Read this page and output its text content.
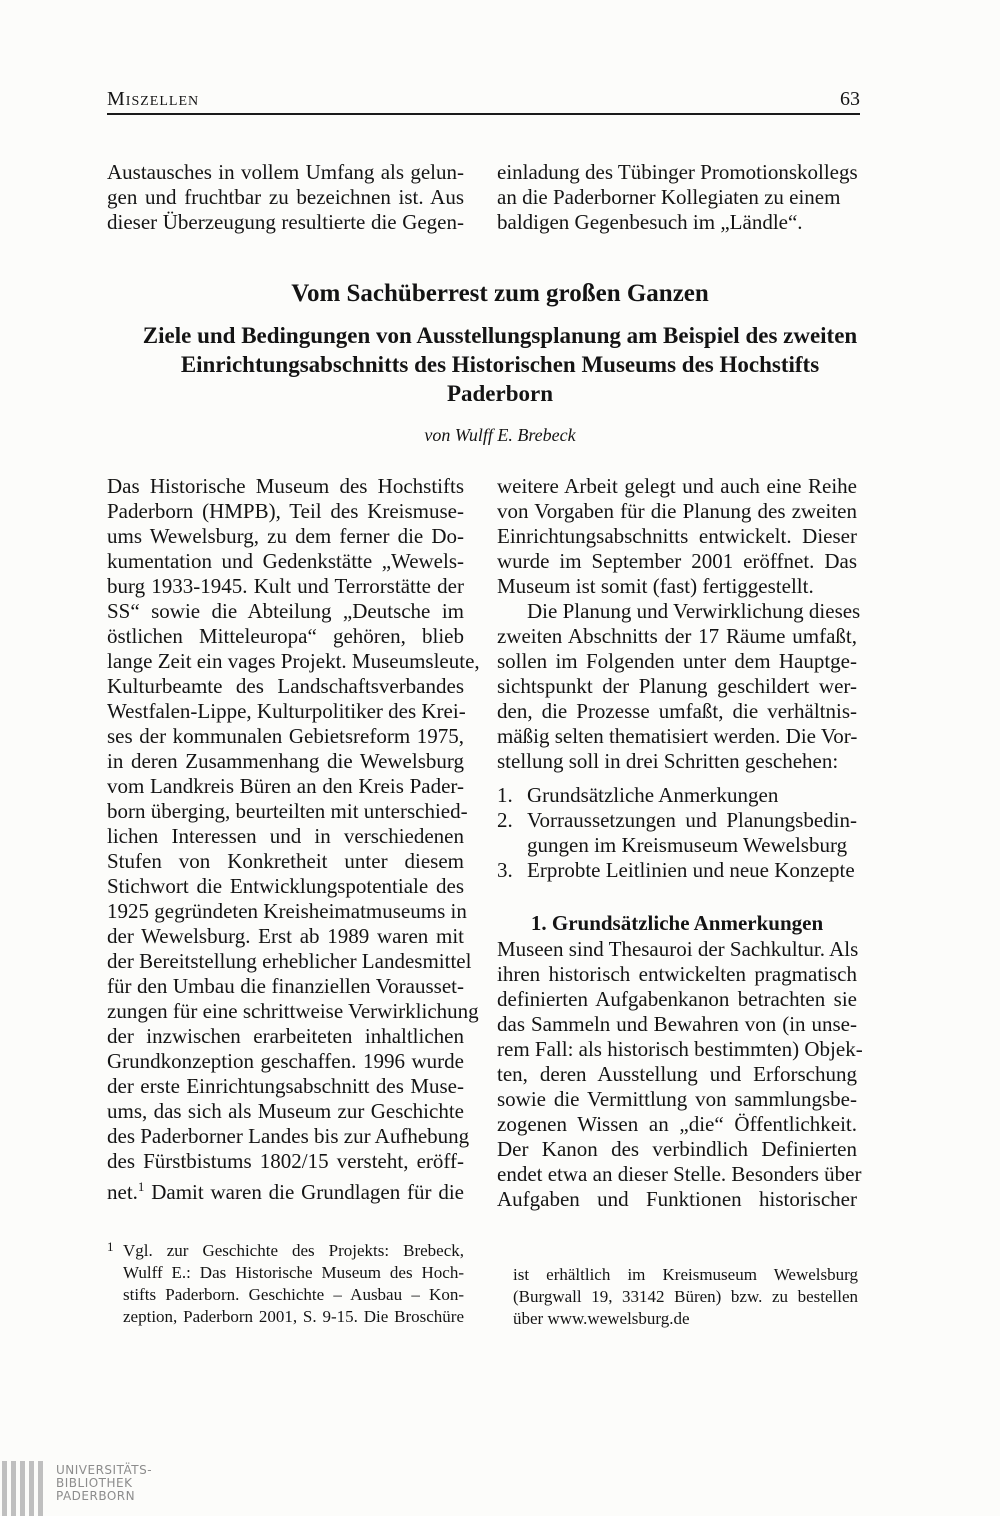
Miszellen	63
Austausches in vollem Umfang als gelun-
gen und fruchtbar zu bezeichnen ist. Aus
dieser Überzeugung resultierte die Gegen-
einladung des Tübinger Promotionskollegs
an die Paderborner Kollegiaten zu einem
baldigen Gegenbesuch im „Ländle“.
Vom Sachüberrest zum großen Ganzen
Ziele und Bedingungen von Ausstellungsplanung am Beispiel des zweiten
Einrichtungsabschnitts des Historischen Museums des Hochstifts
Paderborn
von Wulff E. Brebeck
Das Historische Museum des Hochstifts
Paderborn (HMPB), Teil des Kreismuse-
ums Wewelsburg, zu dem ferner die Do-
kumentation und Gedenkstätte „Wewels-
burg 1933-1945. Kult und Terrorstätte der
SS“ sowie die Abteilung „Deutsche im
östlichen Mitteleuropa“ gehören, blieb
lange Zeit ein vages Projekt. Museumsleute,
Kulturbeamte des Landschaftsverbandes
Westfalen-Lippe, Kulturpolitiker des Krei-
ses der kommunalen Gebietsreform 1975,
in deren Zusammenhang die Wewelsburg
vom Landkreis Büren an den Kreis Pader-
born überging, beurteilten mit unterschied-
lichen Interessen und in verschiedenen
Stufen von Konkretheit unter diesem
Stichwort die Entwicklungspotentiale des
1925 gegründeten Kreisheimatmuseums in
der Wewelsburg. Erst ab 1989 waren mit
der Bereitstellung erheblicher Landesmittel
für den Umbau die finanziellen Vorausset-
zungen für eine schrittweise Verwirklichung
der inzwischen erarbeiteten inhaltlichen
Grundkonzeption geschaffen. 1996 wurde
der erste Einrichtungsabschnitt des Muse-
ums, das sich als Museum zur Geschichte
des Paderborner Landes bis zur Aufhebung
des Fürstbistums 1802/15 versteht, eröff-
net.$^1$ Damit waren die Grundlagen für die
weitere Arbeit gelegt und auch eine Reihe
von Vorgaben für die Planung des zweiten
Einrichtungsabschnitts entwickelt. Dieser
wurde im September 2001 eröffnet. Das
Museum ist somit (fast) fertiggestellt.
Die Planung und Verwirklichung dieses
zweiten Abschnitts der 17 Räume umfaßt,
sollen im Folgenden unter dem Hauptge-
sichtspunkt der Planung geschildert wer-
den, die Prozesse umfaßt, die verhältnis-
mäßig selten thematisiert werden. Die Vor-
stellung soll in drei Schritten geschehen:
1. Grundsätzliche Anmerkungen
2. Vorraussetzungen und Planungsbedin-
gungen im Kreismuseum Wewelsburg
3. Erprobte Leitlinien und neue Konzepte
1. Grundsätzliche Anmerkungen
Museen sind Thesauroi der Sachkultur. Als
ihren historisch entwickelten pragmatisch
definierten Aufgabenkanon betrachten sie
das Sammeln und Bewahren von (in unse-
rem Fall: als historisch bestimmten) Objek-
ten, deren Ausstellung und Erforschung
sowie die Vermittlung von sammlungsbe-
zogenen Wissen an „die“ Öffentlichkeit.
Der Kanon des verbindlich Definierten
endet etwa an dieser Stelle. Besonders über
Aufgaben und Funktionen historischer
1 Vgl. zur Geschichte des Projekts: Brebeck,
Wulff E.: Das Historische Museum des Hoch-
stifts Paderborn. Geschichte – Ausbau – Kon-
zeption, Paderborn 2001, S. 9-15. Die Broschüre
ist erhältlich im Kreismuseum Wewelsburg
(Burgwall 19, 33142 Büren) bzw. zu bestellen
über www.wewelsburg.de
UNIVERSITÄTS-
BIBLIOTHEK
PADERBORN
